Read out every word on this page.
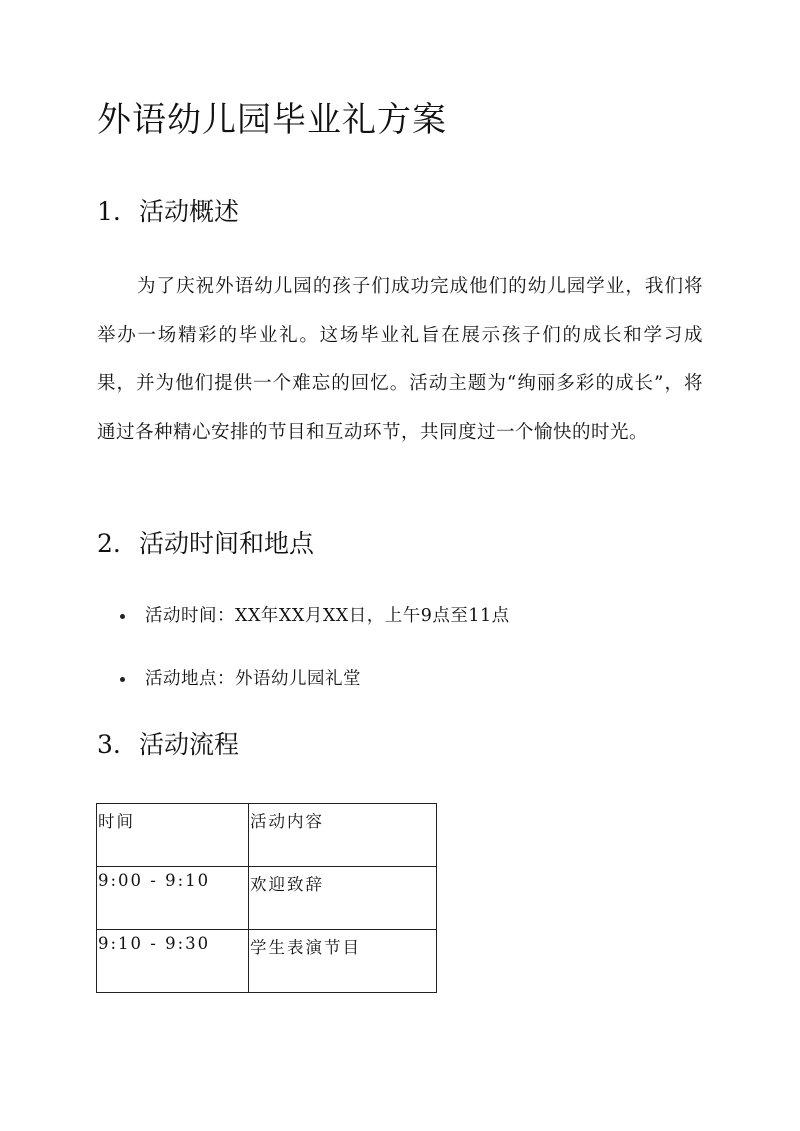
外语幼儿园毕业礼方案
1. 活动概述

为了庆祝外语幼儿园的孩子们成功完成他们的幼儿园学业，我们将举办一场精彩的毕业礼。这场毕业礼旨在展示孩子们的成长和学习成果，并为他们提供一个难忘的回忆。活动主题为“绚丽多彩的成长”，将通过各种精心安排的节目和互动环节，共同度过一个愉快的时光。

2. 活动时间和地点
活动时间：XX年XX月XX日，上午9点至11点
活动地点：外语幼儿园礼堂
3. 活动流程
时间	活动内容
9:00 - 9:10	欢迎致辞
9:10 - 9:30	学生表演节目
